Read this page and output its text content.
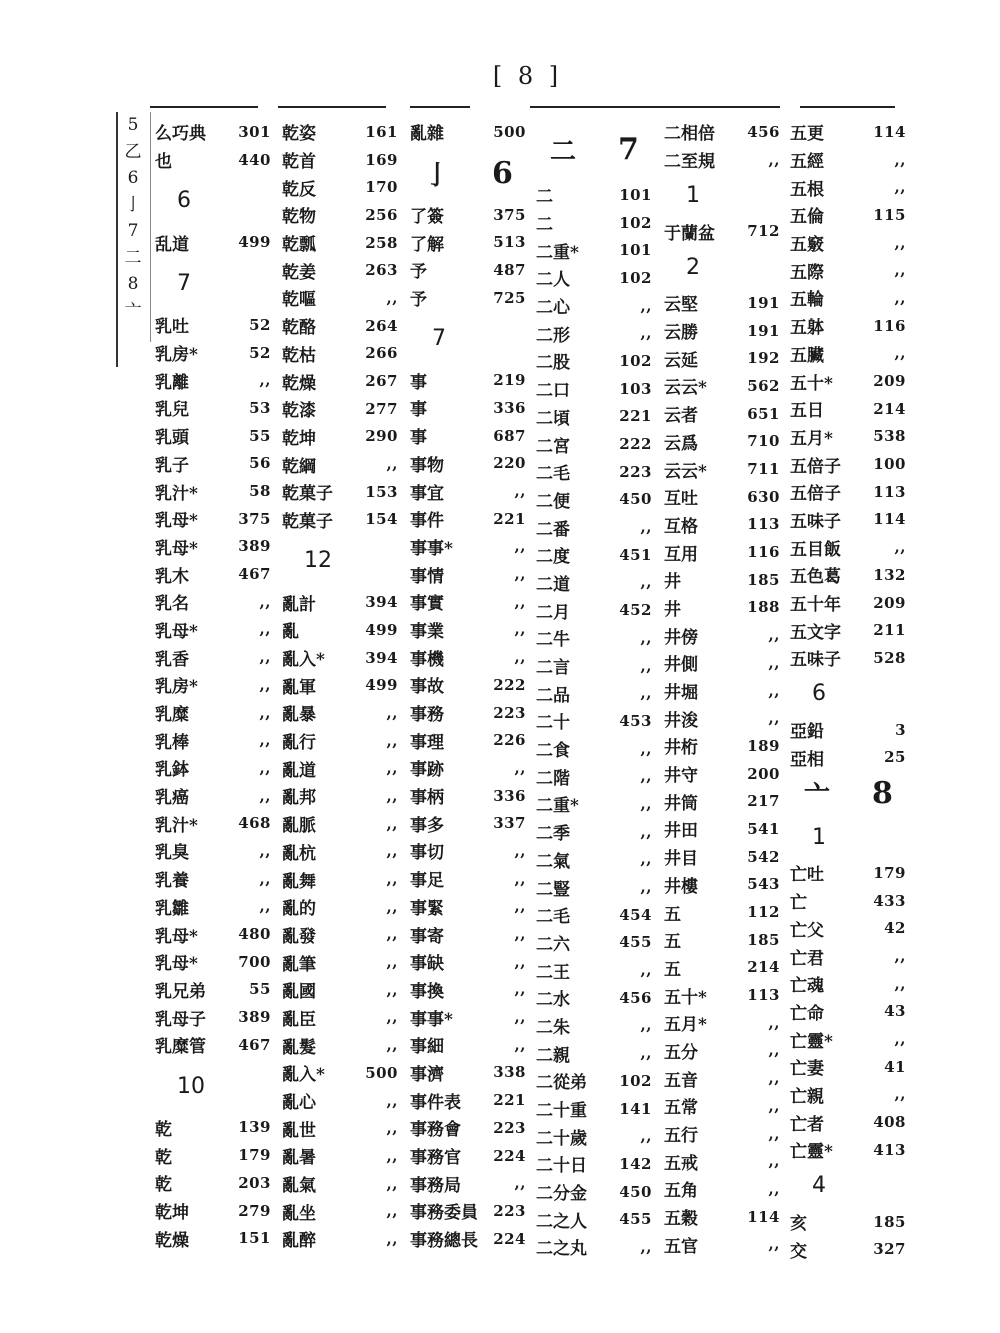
[ 8 ]
5
乙
6
亅
7
二
8
亠
么巧典 301
也	440
6
乱道	499
7
乳吐	52
乳房*	52
乳離	,,
乳兒	53
乳頭	55
乳子	56
乳汁*	58
乳母*	375
乳母*	389
乳木	467
乳名	,,
乳母*	,,
乳香	,,
乳房*	,,
乳糜	,,
乳棒	,,
乳鉢	,,
乳癌	,,
乳汁*	468
乳臭	,,
乳養	,,
乳雛	,,
乳母*	480
乳母*	700
乳兄弟	55
乳母子 389
乳糜管 467
10
乾	139
乾	179
乾	203
乾坤	279
乾燥	151
乾姿	161
乾首	169
乾反	170
乾物	256
乾瓢	258
乾姜	263
乾嘔	,,
乾酪	264
乾枯	266
乾燥	267
乾漆	277
乾坤	290
乾綱	,,
乾菓子 153
乾菓子 154
12
亂計	394
亂	499
亂入*	394
亂軍	499
亂暴	,,
亂行	,,
亂道	,,
亂邦	,,
亂脈	,,
亂杭	,,
亂舞	,,
亂的	,,
亂發	,,
亂筆	,,
亂國	,,
亂臣	,,
亂髮	,,
亂入*	500
亂心	,,
亂世	,,
亂暑	,,
亂氣	,,
亂坐	,,
亂醉	,,
亂雜	500
亅	6
了簽	375
了解	513
予	487
予	725
7
事	219
事	336
事	687
事物	220
事宜	,,
事件	221
事事*	,,
事情	,,
事實	,,
事業	,,
事機	,,
事故	222
事務	223
事理	226
事跡	,,
事柄	336
事多	337
事切	,,
事足	,,
事緊	,,
事寄	,,
事缺	,,
事換	,,
事事*	,,
事細	,,
事濟	338
事件表 221
事務會 223
事務官 224
事務局	,,
事務委員 223
事務總長 224
二	7
二	101
二	102
二重*	101
二人	102
二心	,,
二形	,,
二股	102
二口	103
二頃	221
二宮	222
二毛	223
二便	450
二番	,,
二度	451
二道	,,
二月	452
二牛	,,
二言	,,
二品	,,
二十	453
二食	,,
二階	,,
二重*	,,
二季	,,
二氣	,,
二豎	,,
二毛	454
二六	455
二王	,,
二水	456
二朱	,,
二親	,,
二從弟 102
二十重 141
二十歲	,,
二十日 142
二分金 450
二之人 455
二之丸	,,
二相倍 456
二至規	,,
1
于蘭盆 712
2
云堅	191
云勝	191
云延	192
云云*	562
云者	651
云爲	710
云云*	711
互吐	630
互格	113
互用	116
井	185
井	188
井傍	,,
井側	,,
井堀	,,
井浚	,,
井桁	189
井守	200
井筒	217
井田	541
井目	542
井樓	543
五	112
五	185
五	214
五十*	113
五月*	,,
五分	,,
五音	,,
五常	,,
五行	,,
五戒	,,
五角	,,
五穀	114
五官	,,
五更	114
五經	,,
五根	,,
五倫	115
五竅	,,
五際	,,
五輪	,,
五躰	116
五臟	,,
五十*	209
五日	214
五月*	538
五倍子 100
五倍子 113
五味子 114
五目飯	,,
五色葛 132
五十年 209
五文字 211
五味子 528
6
亞鉛	3
亞相	25
亠	8
1
亡吐	179
亡	433
亡父	42
亡君	,,
亡魂	,,
亡命	43
亡靈*	,,
亡妻	41
亡親	,,
亡者	408
亡靈*	413
4
亥	185
交	327
